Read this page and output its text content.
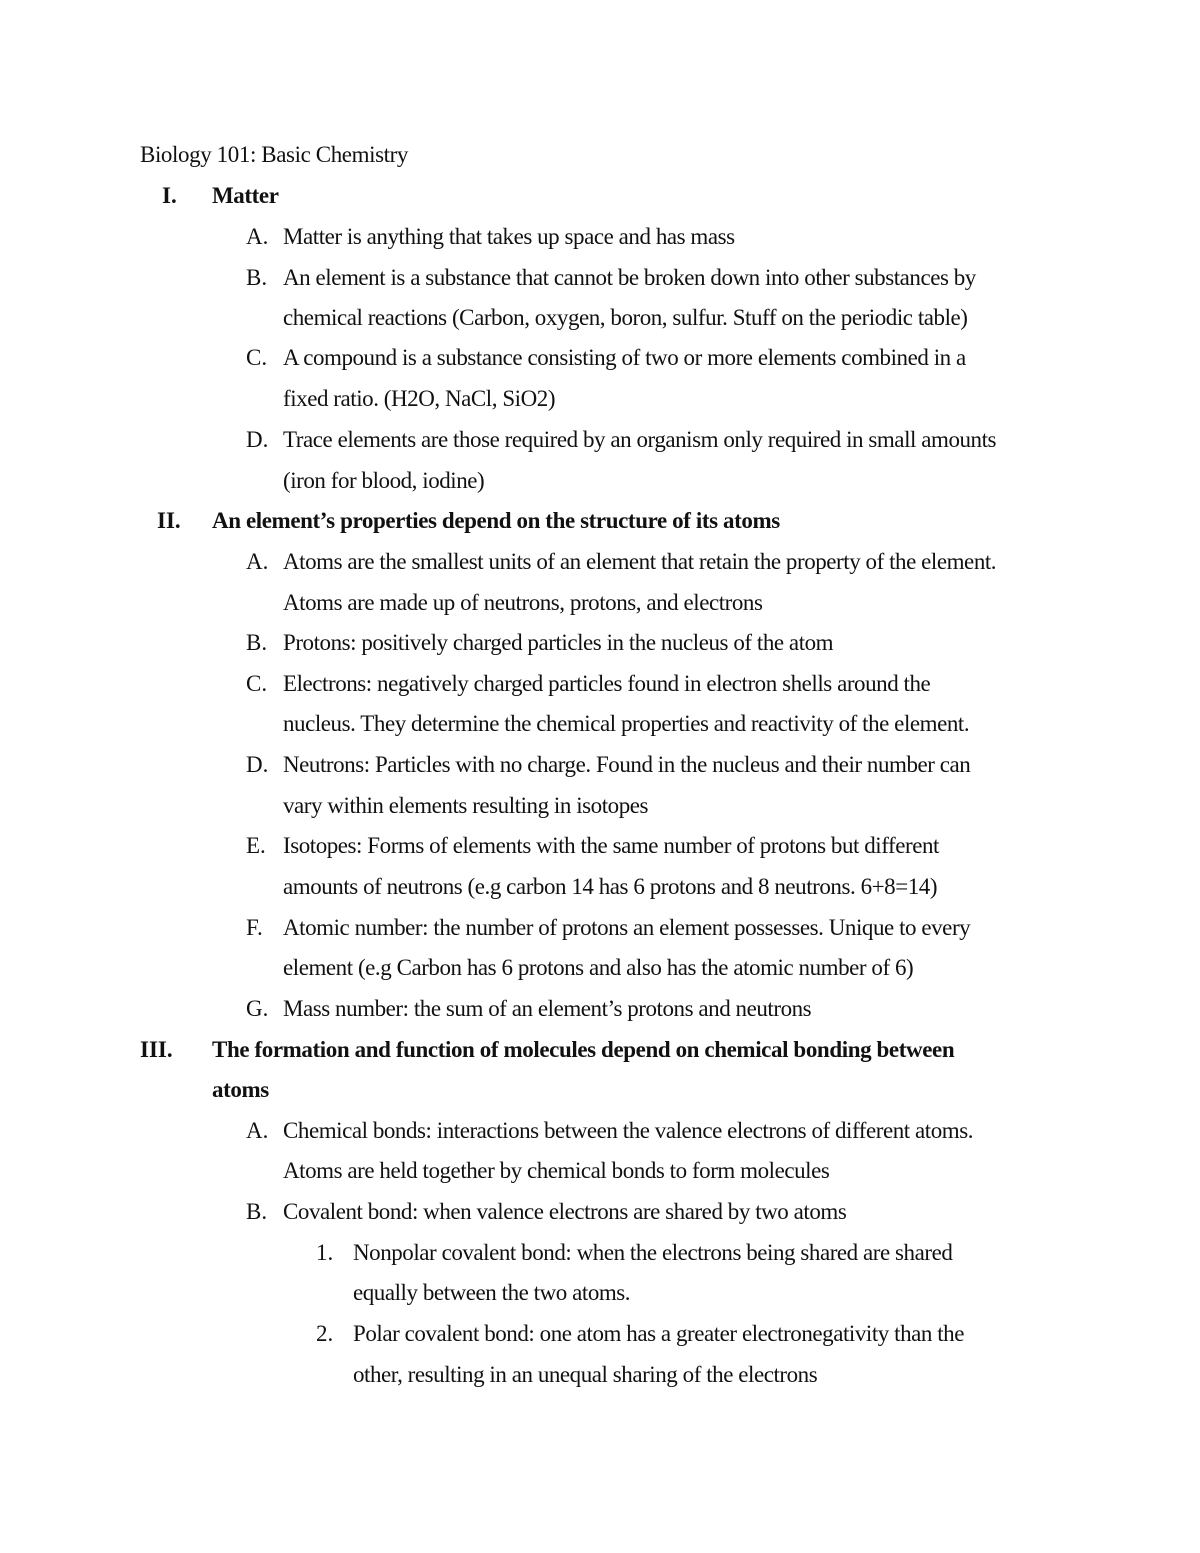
Biology 101: Basic Chemistry
I. Matter
A. Matter is anything that takes up space and has mass
B. An element is a substance that cannot be broken down into other substances by
chemical reactions (Carbon, oxygen, boron, sulfur. Stuff on the periodic table)
C. A compound is a substance consisting of two or more elements combined in a
fixed ratio. (H2O, NaCl, SiO2)
D. Trace elements are those required by an organism only required in small amounts
(iron for blood, iodine)
II. An element’s properties depend on the structure of its atoms
A. Atoms are the smallest units of an element that retain the property of the element.
Atoms are made up of neutrons, protons, and electrons
B. Protons: positively charged particles in the nucleus of the atom
C. Electrons: negatively charged particles found in electron shells around the
nucleus. They determine the chemical properties and reactivity of the element.
D. Neutrons: Particles with no charge. Found in the nucleus and their number can
vary within elements resulting in isotopes
E. Isotopes: Forms of elements with the same number of protons but different
amounts of neutrons (e.g carbon 14 has 6 protons and 8 neutrons. 6+8=14)
F. Atomic number: the number of protons an element possesses. Unique to every
element (e.g Carbon has 6 protons and also has the atomic number of 6)
G. Mass number: the sum of an element’s protons and neutrons
III. The formation and function of molecules depend on chemical bonding between
atoms
A. Chemical bonds: interactions between the valence electrons of different atoms.
Atoms are held together by chemical bonds to form molecules
B. Covalent bond: when valence electrons are shared by two atoms
1. Nonpolar covalent bond: when the electrons being shared are shared
equally between the two atoms.
2. Polar covalent bond: one atom has a greater electronegativity than the
other, resulting in an unequal sharing of the electrons
